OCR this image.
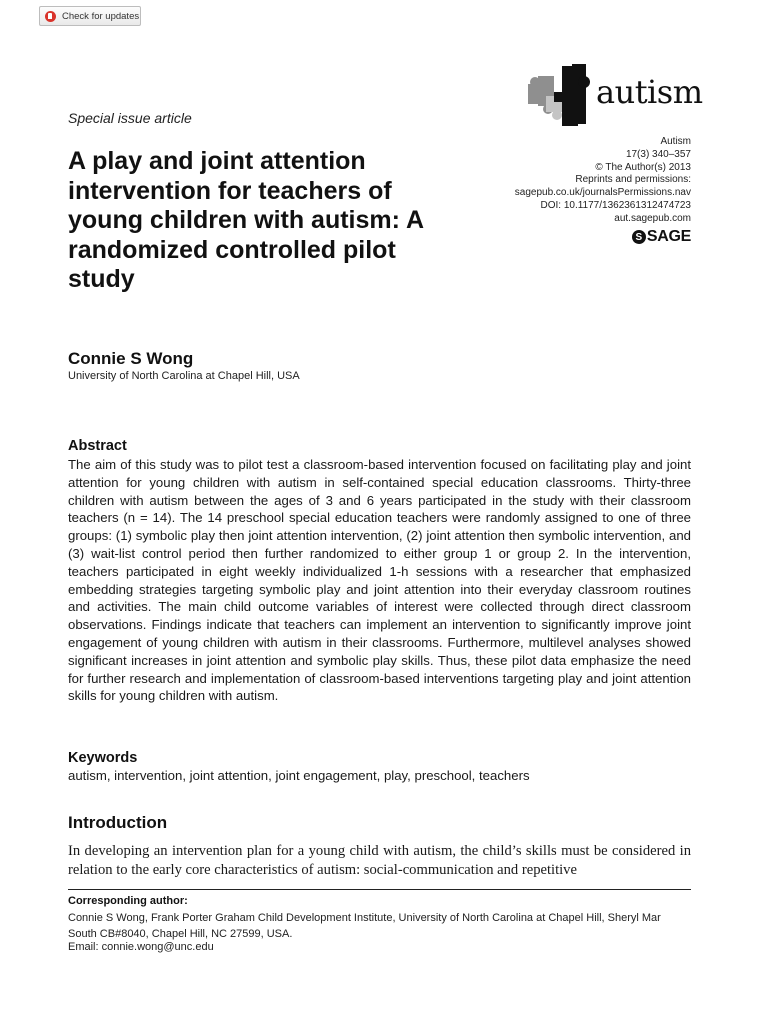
Check for updates
autism
Special issue article
A play and joint attention intervention for teachers of young children with autism: A randomized controlled pilot study
Autism
17(3) 340–357
© The Author(s) 2013
Reprints and permissions:
sagepub.co.uk/journalsPermissions.nav
DOI: 10.1177/1362361312474723
aut.sagepub.com
S SAGE
Connie S Wong
University of North Carolina at Chapel Hill, USA
Abstract

The aim of this study was to pilot test a classroom-based intervention focused on facilitating play and joint attention for young children with autism in self-contained special education classrooms. Thirty-three children with autism between the ages of 3 and 6 years participated in the study with their classroom teachers (n = 14). The 14 preschool special education teachers were randomly assigned to one of three groups: (1) symbolic play then joint attention intervention, (2) joint attention then symbolic intervention, and (3) wait-list control period then further randomized to either group 1 or group 2. In the intervention, teachers participated in eight weekly individualized 1-h sessions with a researcher that emphasized embedding strategies targeting symbolic play and joint attention into their everyday classroom routines and activities. The main child outcome variables of interest were collected through direct classroom observations. Findings indicate that teachers can implement an intervention to significantly improve joint engagement of young children with autism in their classrooms. Furthermore, multilevel analyses showed significant increases in joint attention and symbolic play skills. Thus, these pilot data emphasize the need for further research and implementation of classroom-based interventions targeting play and joint attention skills for young children with autism.

Keywords
autism, intervention, joint attention, joint engagement, play, preschool, teachers
Introduction

In developing an intervention plan for a young child with autism, the child’s skills must be considered in relation to the early core characteristics of autism: social-communication and repetitive

Corresponding author:

Connie S Wong, Frank Porter Graham Child Development Institute, University of North Carolina at Chapel Hill, Sheryl Mar South CB#8040, Chapel Hill, NC 27599, USA.

Email: connie.wong@unc.edu
